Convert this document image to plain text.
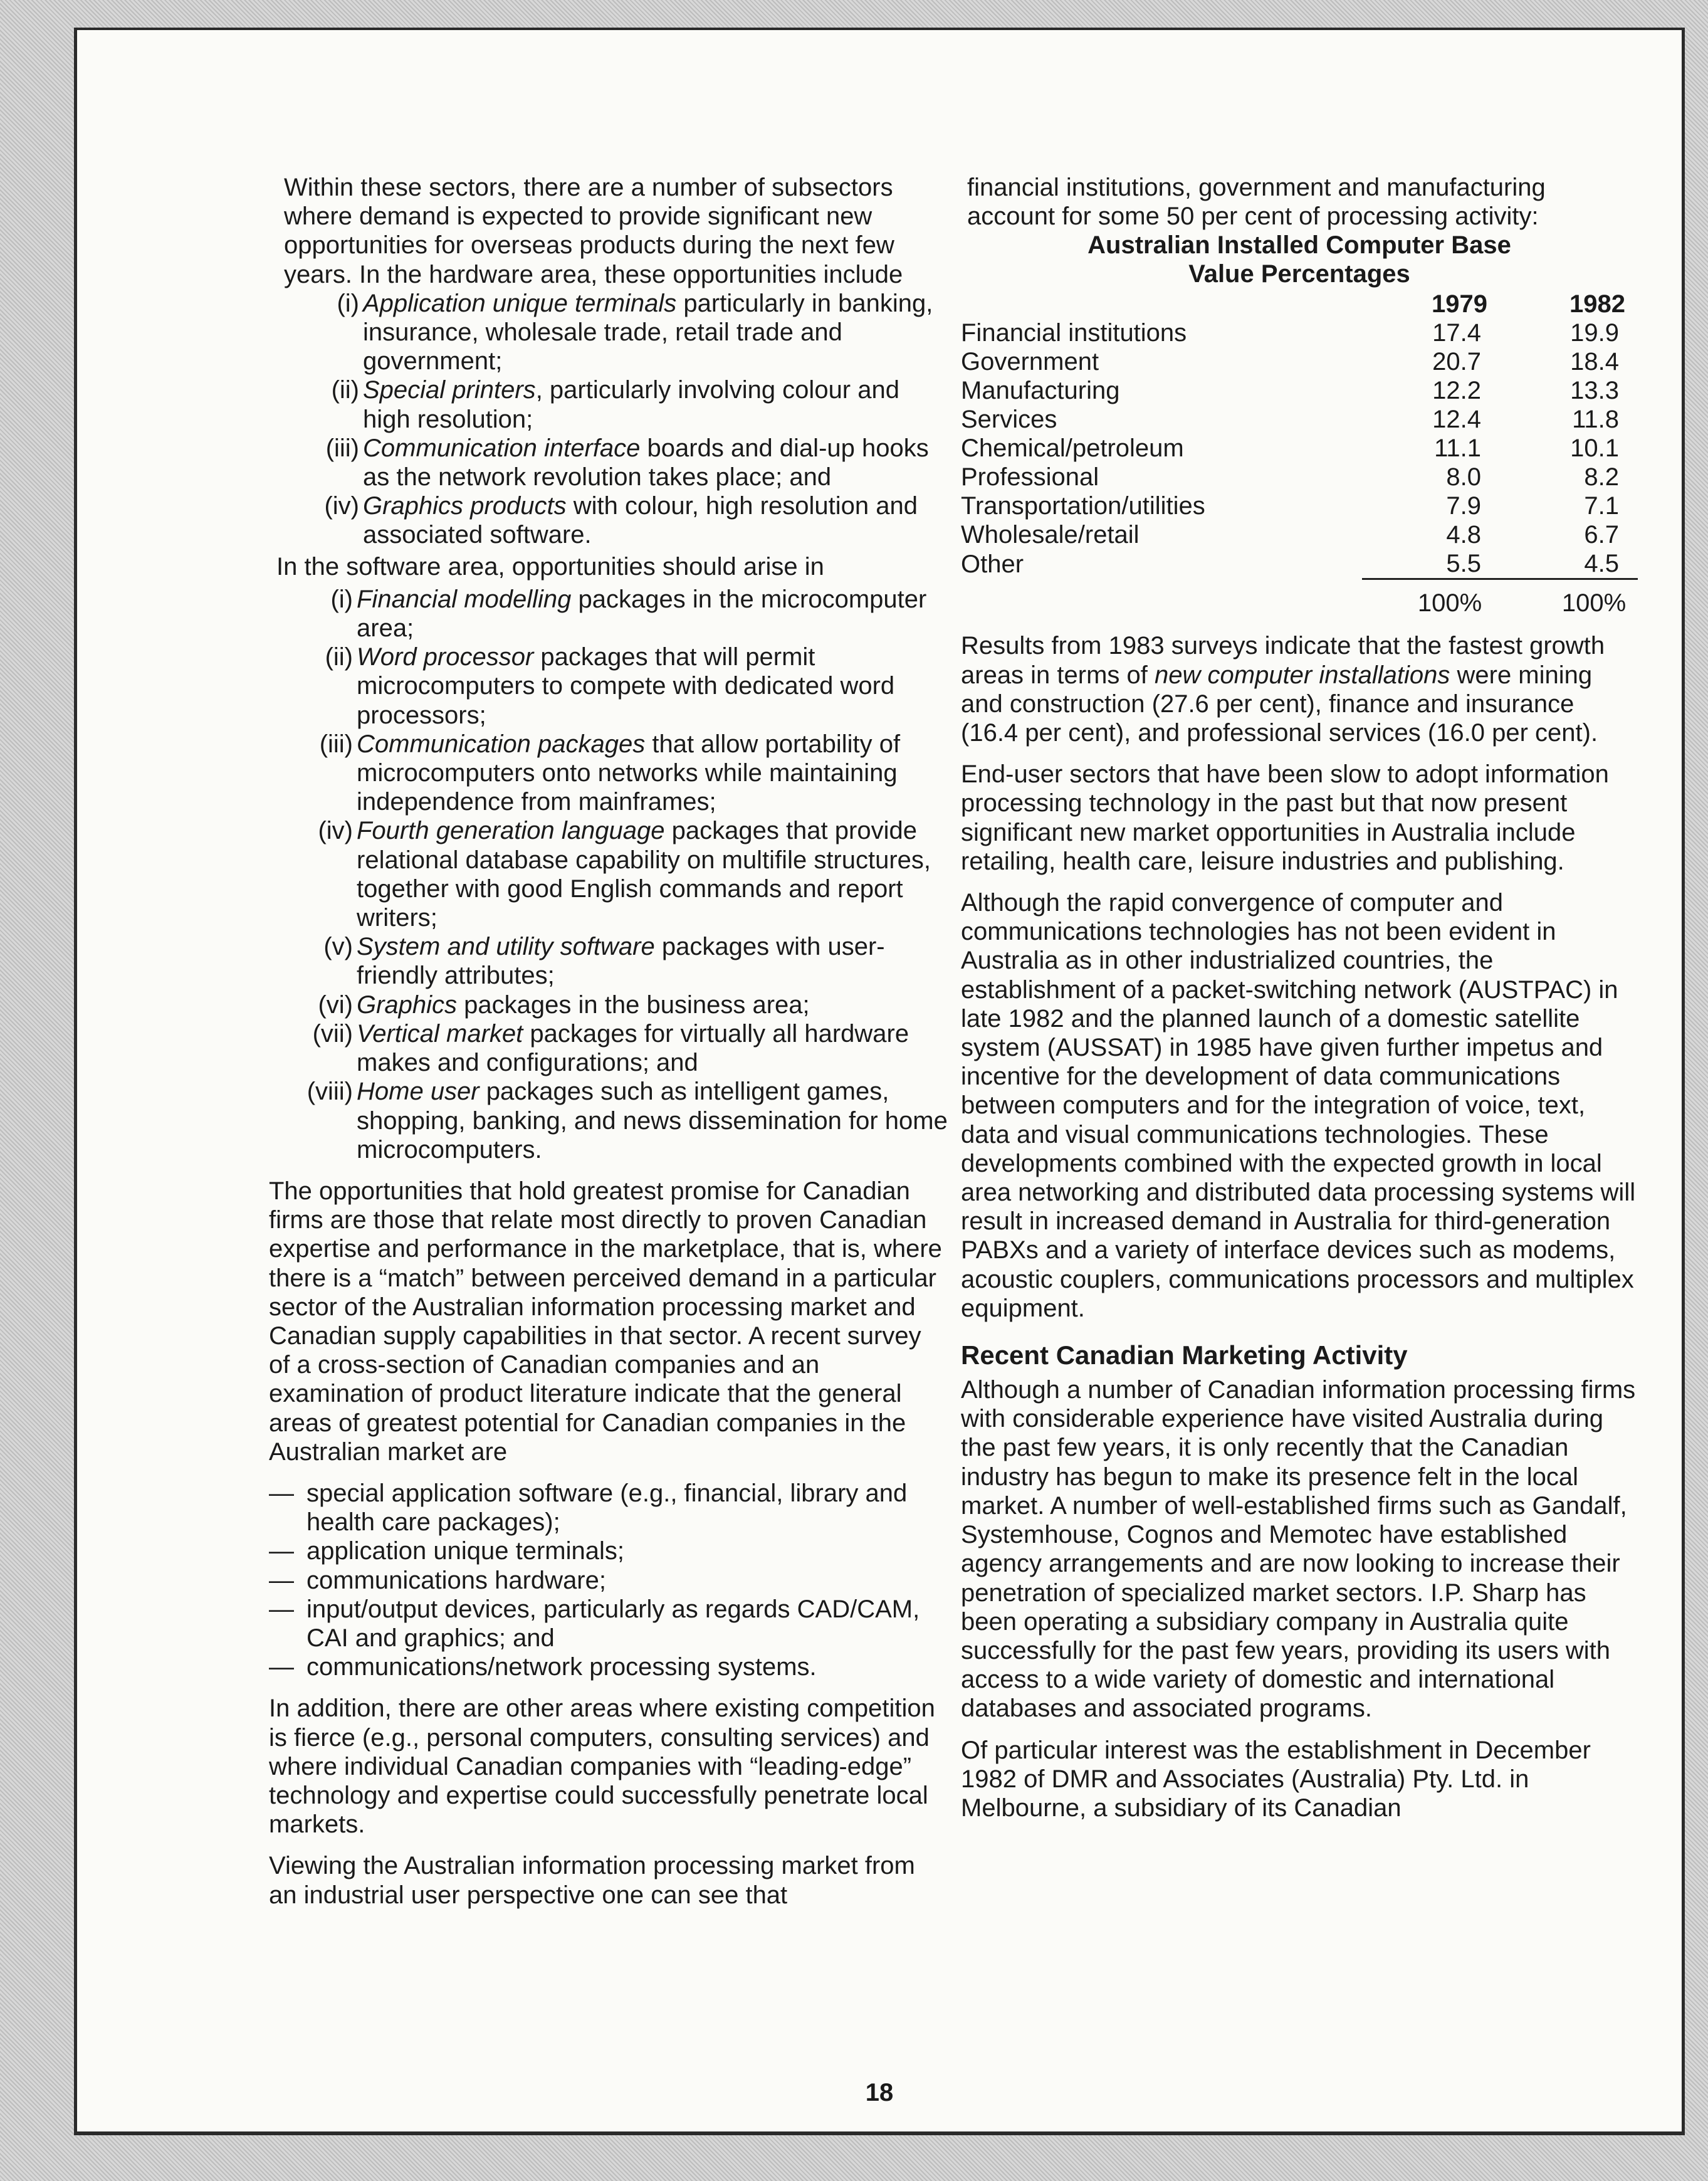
Within these sectors, there are a number of subsectors where demand is expected to provide significant new opportunities for overseas products during the next few years. In the hardware area, these opportunities include

(i) Application unique terminals particularly in banking, insurance, wholesale trade, retail trade and government;
(ii) Special printers, particularly involving colour and high resolution;
(iii) Communication interface boards and dial-up hooks as the network revolution takes place; and
(iv) Graphics products with colour, high resolution and associated software.

In the software area, opportunities should arise in

(i) Financial modelling packages in the microcomputer area;
(ii) Word processor packages that will permit microcomputers to compete with dedicated word processors;
(iii) Communication packages that allow portability of microcomputers onto networks while maintaining independence from mainframes;
(iv) Fourth generation language packages that provide relational database capability on multifile structures, together with good English commands and report writers;
(v) System and utility software packages with user-friendly attributes;
(vi) Graphics packages in the business area;
(vii) Vertical market packages for virtually all hardware makes and configurations; and
(viii) Home user packages such as intelligent games, shopping, banking, and news dissemination for home microcomputers.

The opportunities that hold greatest promise for Canadian firms are those that relate most directly to proven Canadian expertise and performance in the marketplace, that is, where there is a “match” between perceived demand in a particular sector of the Australian information processing market and Canadian supply capabilities in that sector. A recent survey of a cross-section of Canadian companies and an examination of product literature indicate that the general areas of greatest potential for Canadian companies in the Australian market are

— special application software (e.g., financial, library and health care packages);
— application unique terminals;
— communications hardware;
— input/output devices, particularly as regards CAD/CAM, CAI and graphics; and
— communications/network processing systems.

In addition, there are other areas where existing competition is fierce (e.g., personal computers, consulting services) and where individual Canadian companies with “leading-edge” technology and expertise could successfully penetrate local markets.

Viewing the Australian information processing market from an industrial user perspective one can see that

financial institutions, government and manufacturing account for some 50 per cent of processing activity:

Australian Installed Computer Base
Value Percentages
	1979	1982
Financial institutions	17.4	19.9
Government	20.7	18.4
Manufacturing	12.2	13.3
Services	12.4	11.8
Chemical/petroleum	11.1	10.1
Professional	8.0	8.2
Transportation/utilities	7.9	7.1
Wholesale/retail	4.8	6.7
Other	5.5	4.5
	100%	100%

Results from 1983 surveys indicate that the fastest growth areas in terms of new computer installations were mining and construction (27.6 per cent), finance and insurance (16.4 per cent), and professional services (16.0 per cent).

End-user sectors that have been slow to adopt information processing technology in the past but that now present significant new market opportunities in Australia include retailing, health care, leisure industries and publishing.

Although the rapid convergence of computer and communications technologies has not been evident in Australia as in other industrialized countries, the establishment of a packet-switching network (AUSTPAC) in late 1982 and the planned launch of a domestic satellite system (AUSSAT) in 1985 have given further impetus and incentive for the development of data communications between computers and for the integration of voice, text, data and visual communications technologies. These developments combined with the expected growth in local area networking and distributed data processing systems will result in increased demand in Australia for third-generation PABXs and a variety of interface devices such as modems, acoustic couplers, communications processors and multiplex equipment.

Recent Canadian Marketing Activity

Although a number of Canadian information processing firms with considerable experience have visited Australia during the past few years, it is only recently that the Canadian industry has begun to make its presence felt in the local market. A number of well-established firms such as Gandalf, Systemhouse, Cognos and Memotec have established agency arrangements and are now looking to increase their penetration of specialized market sectors. I.P. Sharp has been operating a subsidiary company in Australia quite successfully for the past few years, providing its users with access to a wide variety of domestic and international databases and associated programs.

Of particular interest was the establishment in December 1982 of DMR and Associates (Australia) Pty. Ltd. in Melbourne, a subsidiary of its Canadian

18
